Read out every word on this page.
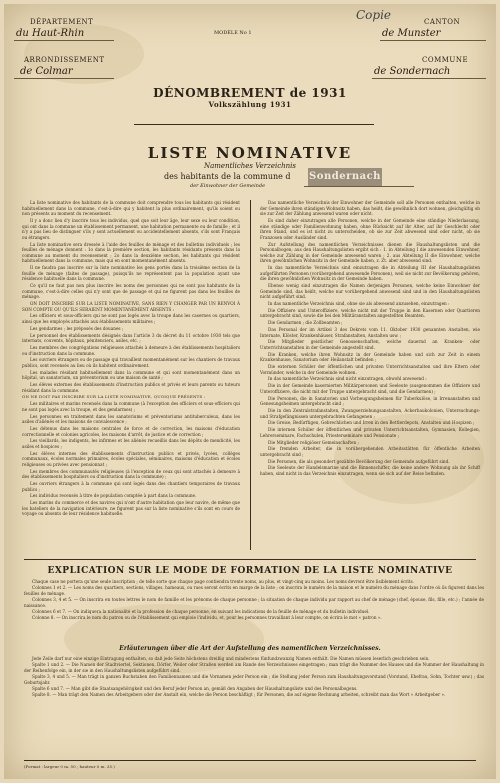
DÉPARTEMENT
du Haut-Rhin
ARRONDISSEMENT
de Colmar
MODÈLE No 1
Copie	CANTON
de Munster
COMMUNE
de Sondernach
DÉNOMBREMENT de 1931
Volkszählung 1931
LISTE NOMINATIVE
Namentliches Verzeichnis
des habitants de la commune d Sondernach
der Einwohner der Gemeinde

La liste nominative des habitants de la commune doit comprendre tous les habitants qui résident habituellement dans la commune, c'est-à-dire qui y habitent la plus ordinairement, qu'ils soient ou non présents au moment du recensement.

Il y a donc lieu d'y inscrire tous les individus, quel que soit leur âge, leur sexe ou leur condition, qui ont dans la commune un établissement permanent, une habitation permanente ou de famille ; et il n'y a pas lieu de distinguer s'ils y sont actuellement ou accidentellement absents, s'ils sont Français ou étrangers.

La liste nominative sera dressée à l'aide des feuilles de ménage et des bulletins individuels ; les feuilles de ménage donnent : 1o dans la première section, les habitants résidants présents dans la commune au moment du recensement ; 2o dans la deuxième section, les habitants qui résident habituellement dans la commune, mais qui en sont momentanément absents.

Il ne faudra pas inscrire sur la liste nominative les gens portés dans la troisième section de la feuille de ménage (faites de passage), puisqu'ils ne représentent pas la population ayant une résidence habituelle dans la commune.

Ce qu'il ne faut pas non plus inscrire les noms des personnes qui ne sont pas habitants de la commune, c'est-à-dire celles qui n'y sont que de passage et qui ne figurent pas dans les feuilles de ménage.

ON DOIT INSCRIRE SUR LA LISTE NOMINATIVE, SANS RIEN Y CHANGER PAR UN RENVOI À SON COMPTE OU QU'ILS SERAIENT MOMENTANÉMENT ABSENTS :

Les officiers et sous-officiers qui ne sont pas logés avec la troupe dans les casernes ou quartiers, ainsi que les employés attachés aux établissements militaires ;

Les gendarmes ; les préposés des douanes ;

Le personnel des établissements désignés dans l'article 3 du décret du 11 octobre 1930 tels que internats, couvents, hôpitaux, pénitenciers, asiles, etc. ;

Les membres des congrégations religieuses attachés à demeure à des établissements hospitaliers ou d'instruction dans la commune.

Les ouvriers étrangers ou de passage qui travaillent momentanément sur les chantiers de travaux publics, sont recensés au lieu où ils habitent ordinairement.

Les malades résidant habituellement dans la commune et qui sont momentanément dans un hôpital, un sanatorium, un préventorium ou une maison de santé ;

Les élèves externes des établissements d'instruction publics et privés et leurs parents ou tuteurs résidant dans la commune.

ON NE DOIT PAS INSCRIRE SUR LA LISTE NOMINATIVE, QUOIQUE PRÉSENTS :

Les militaires et marins recensés dans la commune (à l'exception des officiers et sous-officiers qui ne sont pas logés avec la troupe, et des gendarmes) ;

Les personnes en traitement dans les sanatoriums et préventoriums antituberculeux, dans les asiles d'aliénés et les maisons de convalescence ;

Les détenus dans les maisons centrales de force et de correction, les maisons d'éducation correctionnelle et colonies agricoles, les maisons d'arrêt, de justice et de correction ;

Les vieillards, les indigents, les infirmes et les aliénés recueillis dans les dépôts de mendicité, les asiles et hospices ;

Les élèves internes des établissements d'instruction publics et privés, lycées, collèges communaux, écoles normales primaires, écoles spéciales, séminaires, maisons d'éducation et écoles religieuses ou privées avec pensionnat ;

Les membres des communautés religieuses (à l'exception de ceux qui sont attachés à demeure à des établissements hospitaliers ou d'instruction dans la commune) ;

Les ouvriers étrangers à la commune qui sont logés dans des chantiers temporaires de travaux publics ;

Les individus recensés à titre de population comptée à part dans la commune.

Les marins du commerce et des navires qui n'ont d'autre habitation que leur navire, de même que les bateliers de la navigation intérieure, ne figurent pas sur la liste nominative s'ils sont en cours de voyage ou absents de leur résidence habituelle.

Das namentliche Verzeichnis der Einwohner der Gemeinde soll alle Personen enthalten, welche in der Gemeinde ihren ständigen Wohnsitz haben, das heißt, die gewöhnlich dort wohnen, gleichgültig ob sie zur Zeit der Zählung anwesend waren oder nicht.

Es sind daher einzutragen alle Personen, welche in der Gemeinde eine ständige Niederlassung, eine ständige oder Familienwohnung haben, ohne Rücksicht auf ihr Alter, auf ihr Geschlecht oder ihren Stand, und es ist nicht zu unterscheiden, ob sie zur Zeit abwesend sind oder nicht, ob sie Franzosen oder Ausländer sind.

Zur Aufstellung des namentlichen Verzeichnisses dienen die Haushaltungslisten und die Personalbogen; aus den Haushaltungslisten ergibt sich : 1. in Abteilung I die anwesenden Einwohner, welche zur Zählung in der Gemeinde anwesend waren ; 2. aus Abteilung II die Einwohner, welche ihren gewöhnlichen Wohnsitz in der Gemeinde haben, z. Zt. aber abwesend sind.

In das namentliche Verzeichnis sind einzutragen die in Abteilung III der Haushaltungslisten aufgeführten Personen (vorübergehend anwesende Personen), weil sie nicht zur Bevölkerung gehören, die ihren gewöhnlichen Wohnsitz in der Gemeinde haben.

Ebenso wenig sind einzutragen die Namen derjenigen Personen, welche keine Einwohner der Gemeinde sind, das heißt, welche nur vorübergehend anwesend sind und in den Haushaltungslisten nicht aufgeführt sind.

In das namentliche Verzeichnis sind, ohne sie als abwesend anzusehen, einzutragen :

Die Offiziere und Unteroffiziere, welche nicht mit der Truppe in den Kasernen oder Quartieren untergebracht sind, sowie die bei den Militäranstalten angestellten Beamten.

Die Gendarmen ; die Zollbeamten ;

Das Personal der im Artikel 3 des Dekrets vom 11. Oktober 1930 genannten Anstalten, wie Internate, Klöster, Krankenhäuser, Strafanstalten, Anstalten usw. ;

Die Mitglieder geistlicher Genossenschaften, welche dauernd an Kranken- oder Unterrichtsanstalten in der Gemeinde angestellt sind.

Die Kranken, welche ihren Wohnsitz in der Gemeinde haben und sich zur Zeit in einem Krankenhause, Sanatorium oder Heilanstalt befinden ;

Die externen Schüler der öffentlichen und privaten Unterrichtsanstalten und ihre Eltern oder Vormünder, welche in der Gemeinde wohnen.

In das namentliche Verzeichnis sind nicht einzutragen, obwohl anwesend :

Die in der Gemeinde kasernierten Militärpersonen und Seeleute (ausgenommen die Offiziere und Unteroffiziere, die nicht mit der Truppe untergebracht sind, und die Gendarmen) ;

Die Personen, die in Sanatorien und Vorbeugungsheimen für Tuberkulöse, in Irrenanstalten und Genesungsheimen untergebracht sind ;

Die in den Zentralstrafanstalten, Zwangserziehungsanstalten, Ackerbaukolonien, Untersuchungs- und Strafgefängnissen untergebrachten Gefangenen ;

Die Greise, Bedürftigen, Gebrechlichen und Irren in den Bettlerdepots, Anstalten und Hospizen ;

Die internen Schüler der öffentlichen und privaten Unterrichtsanstalten, Gymnasien, Kollegien, Lehrerseminare, Fachschulen, Priesterseminare und Pensionate ;

Die Mitglieder religiöser Gemeinschaften ;

Die fremden Arbeiter, die in vorübergehenden Arbeitsstätten für öffentliche Arbeiten untergebracht sind ;

Die Personen, die als gesondert gezählte Bevölkerung der Gemeinde aufgeführt sind.

Die Seeleute der Handelsmarine und die Binnenschiffer, die keine andere Wohnung als ihr Schiff haben, sind nicht in das Verzeichnis einzutragen, wenn sie sich auf der Reise befinden.

EXPLICATION SUR LE MODE DE FORMATION DE LA LISTE NOMINATIVE

Chaque case ne portera qu'une seule inscription ; de telle sorte que chaque page contiendra trente noms, au plus, et vingt-cinq au moins. Les noms devront être lisiblement écrits.

Colonnes 1 et 2. — Les noms des quartiers, sections, villages, hameaux, ou rues seront écrits en marge de la liste ; on inscrira le numéro de la maison et le numéro du ménage dans l'ordre où ils figurent dans les feuilles de ménage.

Colonnes 3, 4 et 5. — On inscrira en toutes lettres le nom de famille et les prénoms de chaque personne ; la situation de chaque individu par rapport au chef de ménage (chef, épouse, fils, fille, etc.) ; l'année de naissance.

Colonnes 6 et 7. — On indiquera la nationalité et la profession de chaque personne, en suivant les indications de la feuille de ménage et du bulletin individuel.

Colonne 8. — On inscrira le nom du patron ou de l'établissement qui emploie l'individu, et, pour les personnes travaillant à leur compte, on écrira le mot « patron ».

Erläuterungen über die Art der Aufstellung des namentlichen Verzeichnisses.

Jede Zeile darf nur eine einzige Eintragung enthalten, so daß jede Seite höchstens dreißig und mindestens fünfundzwanzig Namen enthält. Die Namen müssen leserlich geschrieben sein.

Spalte 1 und 2. — Die Namen der Stadtviertel, Sektionen, Dörfer, Weiler oder Straßen werden am Rande des Verzeichnisses eingetragen ; man trägt die Nummer des Hauses und die Nummer der Haushaltung in der Reihenfolge ein, in der sie in den Haushaltungslisten aufgeführt sind.

Spalte 3, 4 und 5. — Man trägt in ganzen Buchstaben den Familiennamen und die Vornamen jeder Person ein ; die Stellung jeder Person zum Haushaltungsvorstand (Vorstand, Ehefrau, Sohn, Tochter usw.) ; das Geburtsjahr.

Spalte 6 und 7. — Man gibt die Staatsangehörigkeit und den Beruf jeder Person an, gemäß den Angaben der Haushaltungsliste und des Personalbogens.

Spalte 8. — Man trägt den Namen des Arbeitgebers oder der Anstalt ein, welche die Person beschäftigt ; für Personen, die auf eigene Rechnung arbeiten, schreibt man das Wort « Arbeitgeber ».

(Format : largeur 0 m. 50 ; hauteur 0 m. 35.)
